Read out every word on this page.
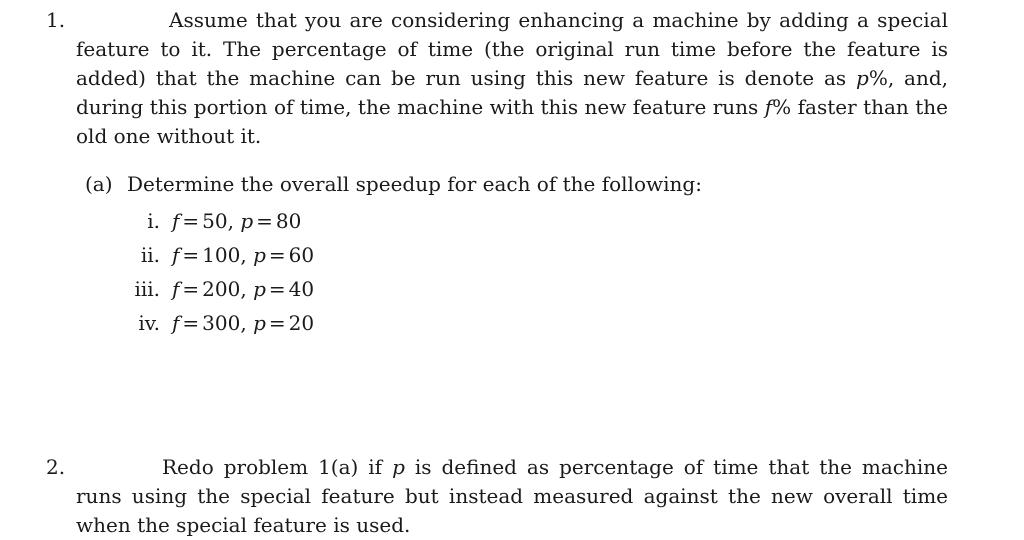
1.	Assume that you are considering enhancing a machine by adding a special feature to it. The percentage of time (the original run time before the feature is added) that the machine can be run using this new feature is denote as p%, and, during this portion of time, the machine with this new feature runs f% faster than the old one without it.
(a) Determine the overall speedup for each of the following:
i. f = 50, p = 80
ii. f = 100, p = 60
iii. f = 200, p = 40
iv. f = 300, p = 20
2.	Redo problem 1(a) if p is defined as percentage of time that the machine runs using the special feature but instead measured against the new overall time when the special feature is used.
